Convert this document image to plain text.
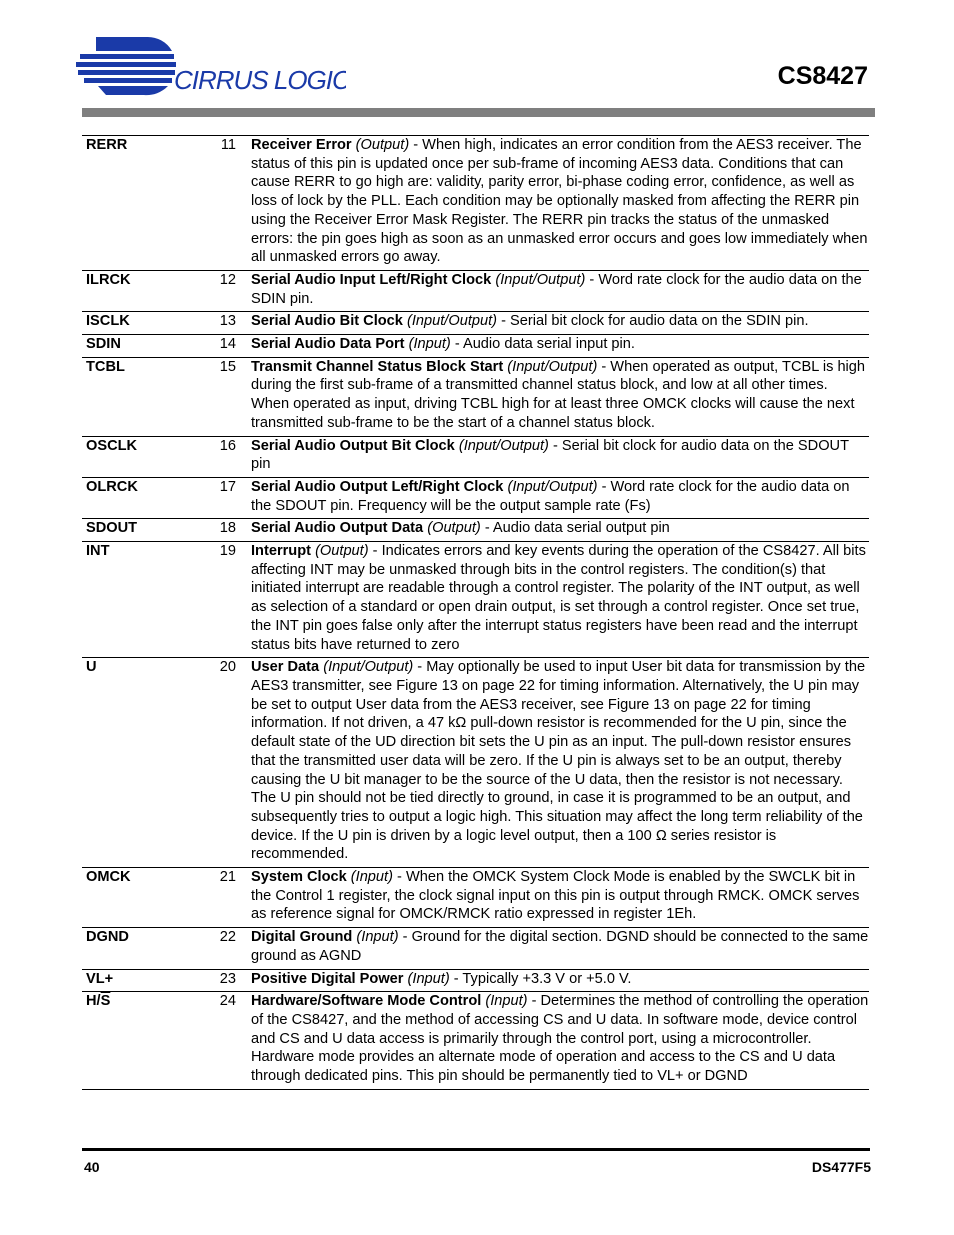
CIRRUS LOGIC	CS8427
RERR	11	Receiver Error (Output) - When high, indicates an error condition from the AES3 receiver. The status of this pin is updated once per sub-frame of incoming AES3 data. Conditions that can cause RERR to go high are: validity, parity error, bi-phase coding error, confidence, as well as loss of lock by the PLL. Each condition may be optionally masked from affecting the RERR pin using the Receiver Error Mask Register. The RERR pin tracks the status of the unmasked errors: the pin goes high as soon as an unmasked error occurs and goes low immediately when all unmasked errors go away.
ILRCK	12	Serial Audio Input Left/Right Clock (Input/Output) - Word rate clock for the audio data on the SDIN pin.
ISCLK	13	Serial Audio Bit Clock (Input/Output) - Serial bit clock for audio data on the SDIN pin.
SDIN	14	Serial Audio Data Port (Input) - Audio data serial input pin.
TCBL	15	Transmit Channel Status Block Start (Input/Output) - When operated as output, TCBL is high during the first sub-frame of a transmitted channel status block, and low at all other times. When operated as input, driving TCBL high for at least three OMCK clocks will cause the next transmitted sub-frame to be the start of a channel status block.
OSCLK	16	Serial Audio Output Bit Clock (Input/Output) - Serial bit clock for audio data on the SDOUT pin
OLRCK	17	Serial Audio Output Left/Right Clock (Input/Output) - Word rate clock for the audio data on the SDOUT pin. Frequency will be the output sample rate (Fs)
SDOUT	18	Serial Audio Output Data (Output) - Audio data serial output pin
INT	19	Interrupt (Output) - Indicates errors and key events during the operation of the CS8427. All bits affecting INT may be unmasked through bits in the control registers. The condition(s) that initiated interrupt are readable through a control register. The polarity of the INT output, as well as selection of a standard or open drain output, is set through a control register. Once set true, the INT pin goes false only after the interrupt status registers have been read and the interrupt status bits have returned to zero
U	20	User Data (Input/Output) - May optionally be used to input User bit data for transmission by the AES3 transmitter, see Figure 13 on page 22 for timing information. Alternatively, the U pin may be set to output User data from the AES3 receiver, see Figure 13 on page 22 for timing information. If not driven, a 47 kΩ pull-down resistor is recommended for the U pin, since the default state of the UD direction bit sets the U pin as an input. The pull-down resistor ensures that the transmitted user data will be zero. If the U pin is always set to be an output, thereby causing the U bit manager to be the source of the U data, then the resistor is not necessary. The U pin should not be tied directly to ground, in case it is programmed to be an output, and subsequently tries to output a logic high. This situation may affect the long term reliability of the device. If the U pin is driven by a logic level output, then a 100 Ω series resistor is recommended.
OMCK	21	System Clock (Input) - When the OMCK System Clock Mode is enabled by the SWCLK bit in the Control 1 register, the clock signal input on this pin is output through RMCK. OMCK serves as reference signal for OMCK/RMCK ratio expressed in register 1Eh.
DGND	22	Digital Ground (Input) - Ground for the digital section. DGND should be connected to the same ground as AGND
VL+	23	Positive Digital Power (Input) - Typically +3.3 V or +5.0 V.
$H/\overline{S}$	24	Hardware/Software Mode Control (Input) - Determines the method of controlling the operation of the CS8427, and the method of accessing CS and U data. In software mode, device control and CS and U data access is primarily through the control port, using a microcontroller. Hardware mode provides an alternate mode of operation and access to the CS and U data through dedicated pins. This pin should be permanently tied to VL+ or DGND
40	DS477F5
